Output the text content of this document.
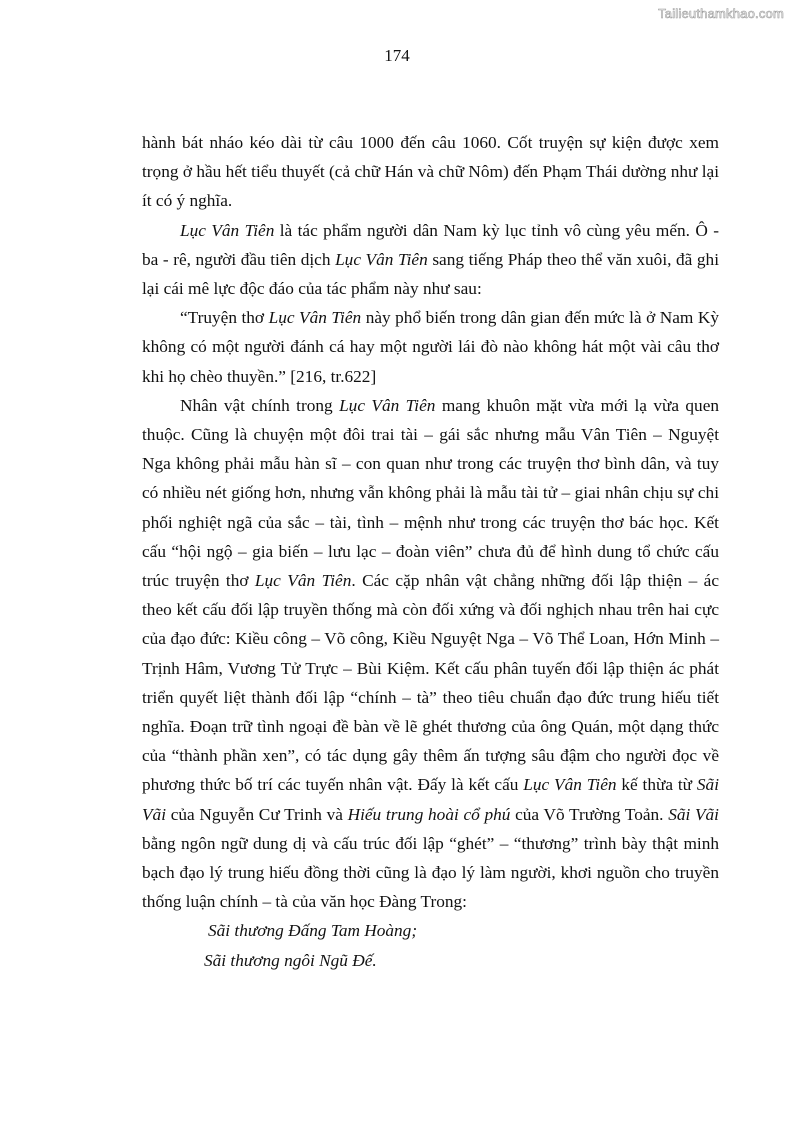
Tailieuthamkhao.com
174

hành bát nháo kéo dài từ câu 1000 đến câu 1060. Cốt truyện sự kiện được xem trọng ở hầu hết tiểu thuyết (cả chữ Hán và chữ Nôm) đến Phạm Thái dường như lại ít có ý nghĩa.

Lục Vân Tiên là tác phẩm người dân Nam kỳ lục tỉnh vô cùng yêu mến. Ô - ba - rê, người đầu tiên dịch Lục Vân Tiên sang tiếng Pháp theo thể văn xuôi, đã ghi lại cái mê lực độc đáo của tác phẩm này như sau:

“Truyện thơ Lục Vân Tiên này phổ biến trong dân gian đến mức là ở Nam Kỳ không có một người đánh cá hay một người lái đò nào không hát một vài câu thơ khi họ chèo thuyền.” [216, tr.622]

Nhân vật chính trong Lục Vân Tiên mang khuôn mặt vừa mới lạ vừa quen thuộc. Cũng là chuyện một đôi trai tài – gái sắc nhưng mẫu Vân Tiên – Nguyệt Nga không phải mẫu hàn sĩ – con quan như trong các truyện thơ bình dân, và tuy có nhiều nét giống hơn, nhưng vẫn không phải là mẫu tài tử – giai nhân chịu sự chi phối nghiệt ngã của sắc – tài, tình – mệnh như trong các truyện thơ bác học. Kết cấu “hội ngộ – gia biến – lưu lạc – đoàn viên” chưa đủ để hình dung tổ chức cấu trúc truyện thơ Lục Vân Tiên. Các cặp nhân vật chẳng những đối lập thiện – ác theo kết cấu đối lập truyền thống mà còn đối xứng và đối nghịch nhau trên hai cực của đạo đức: Kiều công – Võ công, Kiều Nguyệt Nga – Võ Thể Loan, Hớn Minh – Trịnh Hâm, Vương Tử Trực – Bùi Kiệm. Kết cấu phân tuyến đối lập thiện ác phát triển quyết liệt thành đối lập “chính – tà” theo tiêu chuẩn đạo đức trung hiếu tiết nghĩa. Đoạn trữ tình ngoại đề bàn về lẽ ghét thương của ông Quán, một dạng thức của “thành phần xen”, có tác dụng gây thêm ấn tượng sâu đậm cho người đọc về phương thức bố trí các tuyến nhân vật. Đấy là kết cấu Lục Vân Tiên kế thừa từ Sãi Vãi của Nguyễn Cư Trinh và Hiếu trung hoài cổ phú của Võ Trường Toản. Sãi Vãi bằng ngôn ngữ dung dị và cấu trúc đối lập “ghét” – “thương” trình bày thật minh bạch đạo lý trung hiếu đồng thời cũng là đạo lý làm người, khơi nguồn cho truyền thống luận chính – tà của văn học Đàng Trong:

Sãi thương Đấng Tam Hoàng;

Sãi thương ngôi Ngũ Đế.
